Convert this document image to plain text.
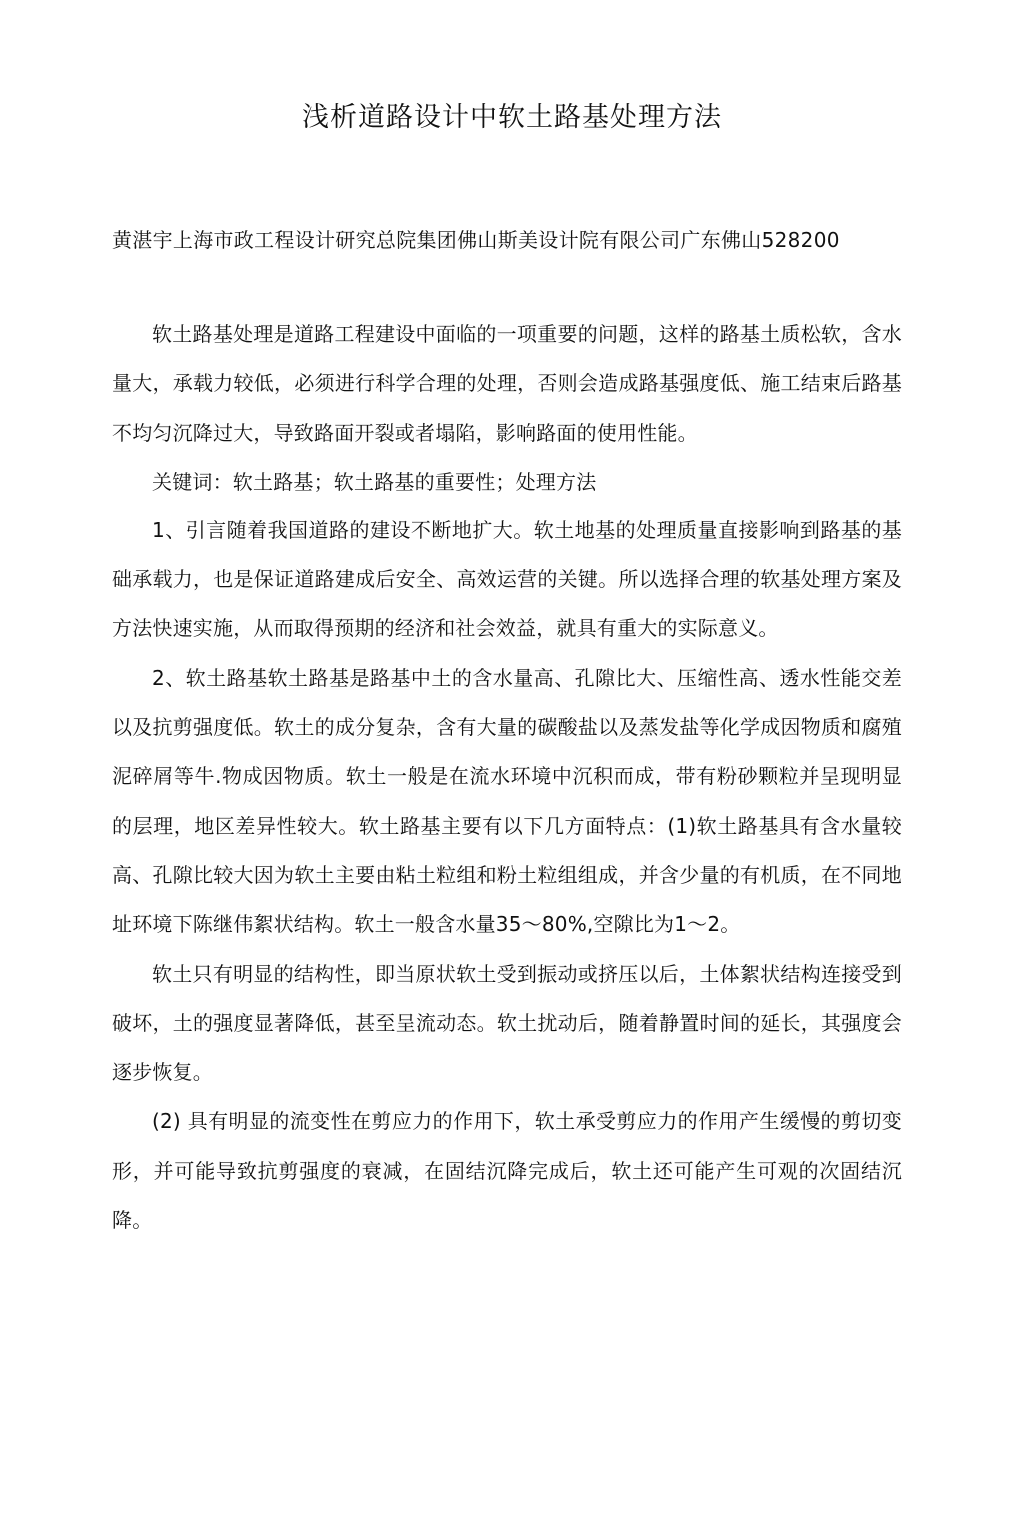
浅析道路设计中软土路基处理方法
黄湛宇上海市政工程设计研究总院集团佛山斯美设计院有限公司广东佛山528200

软土路基处理是道路工程建设中面临的一项重要的问题，这样的路基土质松软，含水量大，承载力较低，必须进行科学合理的处理，否则会造成路基强度低、施工结束后路基不均匀沉降过大，导致路面开裂或者塌陷，影响路面的使用性能。

关键词：软土路基；软土路基的重要性；处理方法

1、引言随着我国道路的建设不断地扩大。软土地基的处理质量直接影响到路基的基础承载力，也是保证道路建成后安全、高效运营的关键。所以选择合理的软基处理方案及方法快速实施，从而取得预期的经济和社会效益，就具有重大的实际意义。

2、软土路基软土路基是路基中土的含水量高、孔隙比大、压缩性高、透水性能交差以及抗剪强度低。软土的成分复杂，含有大量的碳酸盐以及蒸发盐等化学成因物质和腐殖泥碎屑等牛.物成因物质。软土一般是在流水环境中沉积而成，带有粉砂颗粒并呈现明显的层理，地区差异性较大。软土路基主要有以下几方面特点：(1)软土路基具有含水量较高、孔隙比较大因为软土主要由粘土粒组和粉土粒组组成，并含少量的有机质，在不同地址环境下陈继伟絮状结构。软土一般含水量35～80%,空隙比为1～2。

软土只有明显的结构性，即当原状软土受到振动或挤压以后，土体絮状结构连接受到破坏，土的强度显著降低，甚至呈流动态。软土扰动后，随着静置时间的延长，其强度会逐步恢复。

(2) 具有明显的流变性在剪应力的作用下，软土承受剪应力的作用产生缓慢的剪切变形，并可能导致抗剪强度的衰减，在固结沉降完成后，软土还可能产生可观的次固结沉降。
